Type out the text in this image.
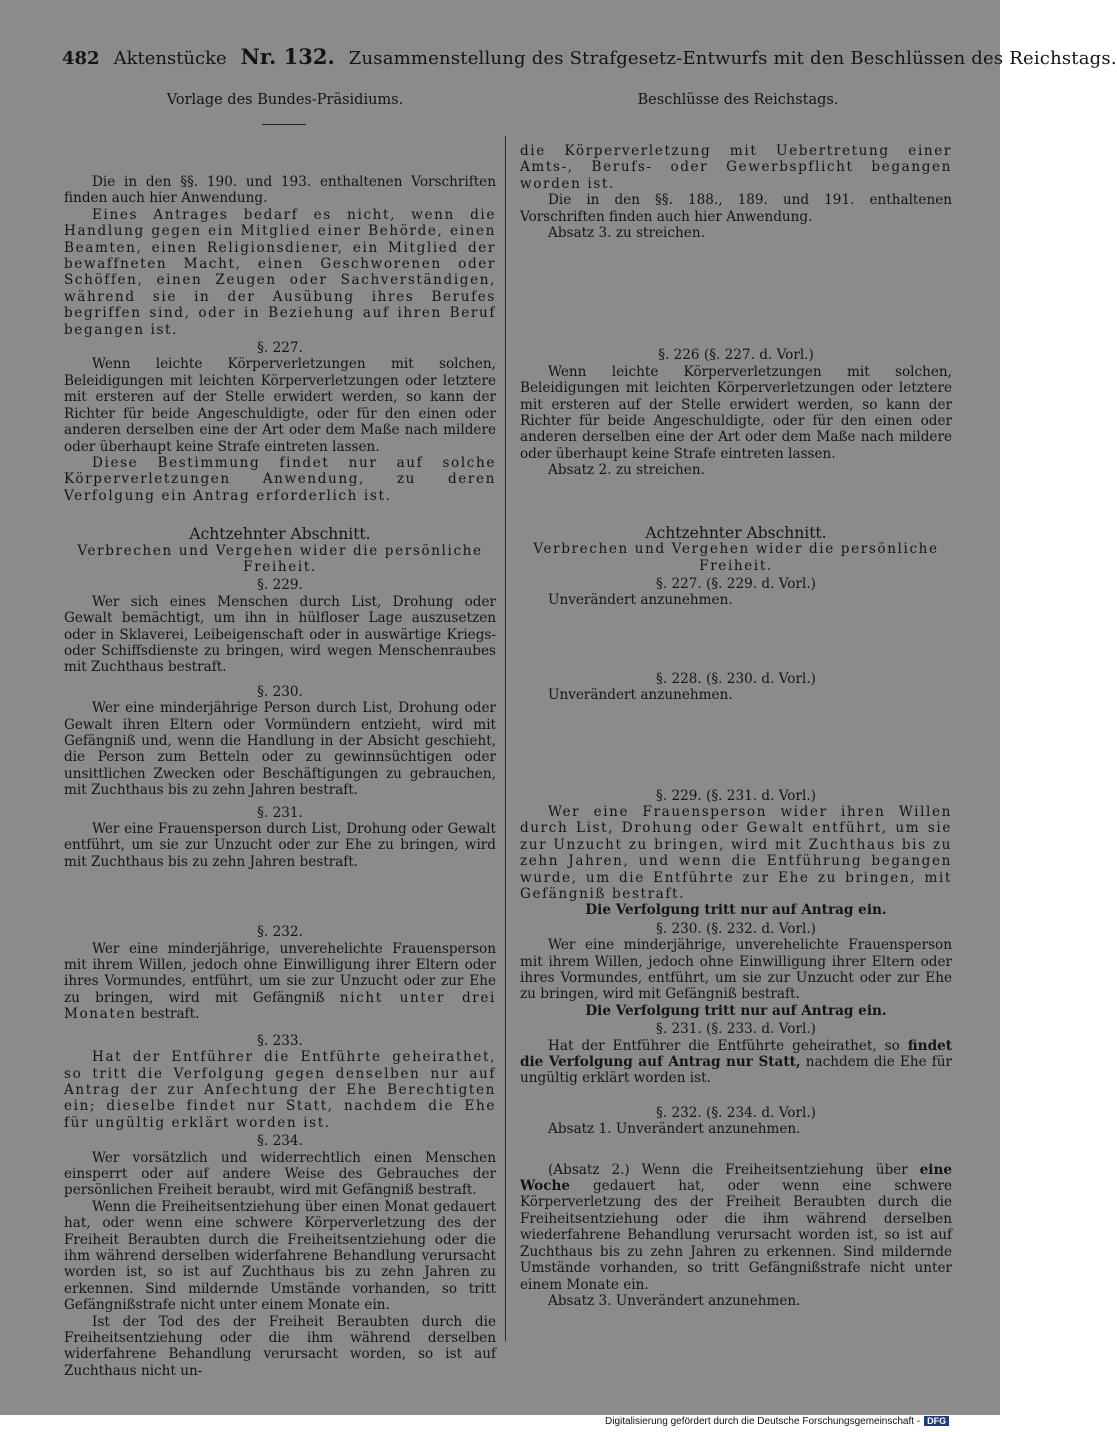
482 Aktenstücke Nr. 132. Zusammenstellung des Strafgesetz-Entwurfs mit den Beschlüssen des Reichstags.
Vorlage des Bundes-Präsidiums.	Beschlüsse des Reichstags.

Die in den §§. 190. und 193. enthaltenen Vorschriften finden auch hier Anwendung.

Eines Antrages bedarf es nicht, wenn die Handlung gegen ein Mitglied einer Behörde, einen Beamten, einen Religionsdiener, ein Mitglied der bewaffneten Macht, einen Geschworenen oder Schöffen, einen Zeugen oder Sachverständigen, während sie in der Ausübung ihres Berufes begriffen sind, oder in Beziehung auf ihren Beruf begangen ist.

§. 227.

Wenn leichte Körperverletzungen mit solchen, Beleidigungen mit leichten Körperverletzungen oder letztere mit ersteren auf der Stelle erwidert werden, so kann der Richter für beide Angeschuldigte, oder für den einen oder anderen derselben eine der Art oder dem Maße nach mildere oder überhaupt keine Strafe eintreten lassen.

Diese Bestimmung findet nur auf solche Körperverletzungen Anwendung, zu deren Verfolgung ein Antrag erforderlich ist.

Achtzehnter Abschnitt.
Verbrechen und Vergehen wider die persönliche Freiheit.
§. 229.

Wer sich eines Menschen durch List, Drohung oder Gewalt bemächtigt, um ihn in hülfloser Lage auszusetzen oder in Sklaverei, Leibeigenschaft oder in auswärtige Kriegs- oder Schiffsdienste zu bringen, wird wegen Menschenraubes mit Zuchthaus bestraft.

§. 230.

Wer eine minderjährige Person durch List, Drohung oder Gewalt ihren Eltern oder Vormündern entzieht, wird mit Gefängniß und, wenn die Handlung in der Absicht geschieht, die Person zum Betteln oder zu gewinnsüchtigen oder unsittlichen Zwecken oder Beschäftigungen zu gebrauchen, mit Zuchthaus bis zu zehn Jahren bestraft.

§. 231.

Wer eine Frauensperson durch List, Drohung oder Gewalt entführt, um sie zur Unzucht oder zur Ehe zu bringen, wird mit Zuchthaus bis zu zehn Jahren bestraft.

§. 232.

Wer eine minderjährige, unverehelichte Frauensperson mit ihrem Willen, jedoch ohne Einwilligung ihrer Eltern oder ihres Vormundes, entführt, um sie zur Unzucht oder zur Ehe zu bringen, wird mit Gefängniß nicht unter drei Monaten bestraft.

§. 233.

Hat der Entführer die Entführte geheirathet, so tritt die Verfolgung gegen denselben nur auf Antrag der zur Anfechtung der Ehe Berechtigten ein; dieselbe findet nur Statt, nachdem die Ehe für ungültig erklärt worden ist.

§. 234.

Wer vorsätzlich und widerrechtlich einen Menschen einsperrt oder auf andere Weise des Gebrauches der persönlichen Freiheit beraubt, wird mit Gefängniß bestraft.

Wenn die Freiheitsentziehung über einen Monat gedauert hat, oder wenn eine schwere Körperverletzung des der Freiheit Beraubten durch die Freiheitsentziehung oder die ihm während derselben widerfahrene Behandlung verursacht worden ist, so ist auf Zuchthaus bis zu zehn Jahren zu erkennen. Sind mildernde Umstände vorhanden, so tritt Gefängnißstrafe nicht unter einem Monate ein.

Ist der Tod des der Freiheit Beraubten durch die Freiheitsentziehung oder die ihm während derselben widerfahrene Behandlung verursacht worden, so ist auf Zuchthaus nicht un-

die Körperverletzung mit Uebertretung einer Amts-, Berufs- oder Gewerbspflicht begangen worden ist.

Die in den §§. 188., 189. und 191. enthaltenen Vorschriften finden auch hier Anwendung.

Absatz 3. zu streichen.

§. 226 (§. 227. d. Vorl.)

Wenn leichte Körperverletzungen mit solchen, Beleidigungen mit leichten Körperverletzungen oder letztere mit ersteren auf der Stelle erwidert werden, so kann der Richter für beide Angeschuldigte, oder für den einen oder anderen derselben eine der Art oder dem Maße nach mildere oder überhaupt keine Strafe eintreten lassen.

Absatz 2. zu streichen.

Achtzehnter Abschnitt.
Verbrechen und Vergehen wider die persönliche Freiheit.
§. 227. (§. 229. d. Vorl.)

Unverändert anzunehmen.

§. 228. (§. 230. d. Vorl.)

Unverändert anzunehmen.

§. 229. (§. 231. d. Vorl.)

Wer eine Frauensperson wider ihren Willen durch List, Drohung oder Gewalt entführt, um sie zur Unzucht zu bringen, wird mit Zuchthaus bis zu zehn Jahren, und wenn die Entführung begangen wurde, um die Entführte zur Ehe zu bringen, mit Gefängniß bestraft.

Die Verfolgung tritt nur auf Antrag ein.

§. 230. (§. 232. d. Vorl.)

Wer eine minderjährige, unverehelichte Frauensperson mit ihrem Willen, jedoch ohne Einwilligung ihrer Eltern oder ihres Vormundes, entführt, um sie zur Unzucht oder zur Ehe zu bringen, wird mit Gefängniß bestraft.

Die Verfolgung tritt nur auf Antrag ein.

§. 231. (§. 233. d. Vorl.)

Hat der Entführer die Entführte geheirathet, so findet die Verfolgung auf Antrag nur Statt, nachdem die Ehe für ungültig erklärt worden ist.

§. 232. (§. 234. d. Vorl.)

Absatz 1. Unverändert anzunehmen.

(Absatz 2.) Wenn die Freiheitsentziehung über eine Woche gedauert hat, oder wenn eine schwere Körperverletzung des der Freiheit Beraubten durch die Freiheitsentziehung oder die ihm während derselben wiederfahrene Behandlung verursacht worden ist, so ist auf Zuchthaus bis zu zehn Jahren zu erkennen. Sind mildernde Umstände vorhanden, so tritt Gefängnißstrafe nicht unter einem Monate ein.

Absatz 3. Unverändert anzunehmen.

Digitalisierung gefördert durch die Deutsche Forschungsgemeinschaft - DFG
